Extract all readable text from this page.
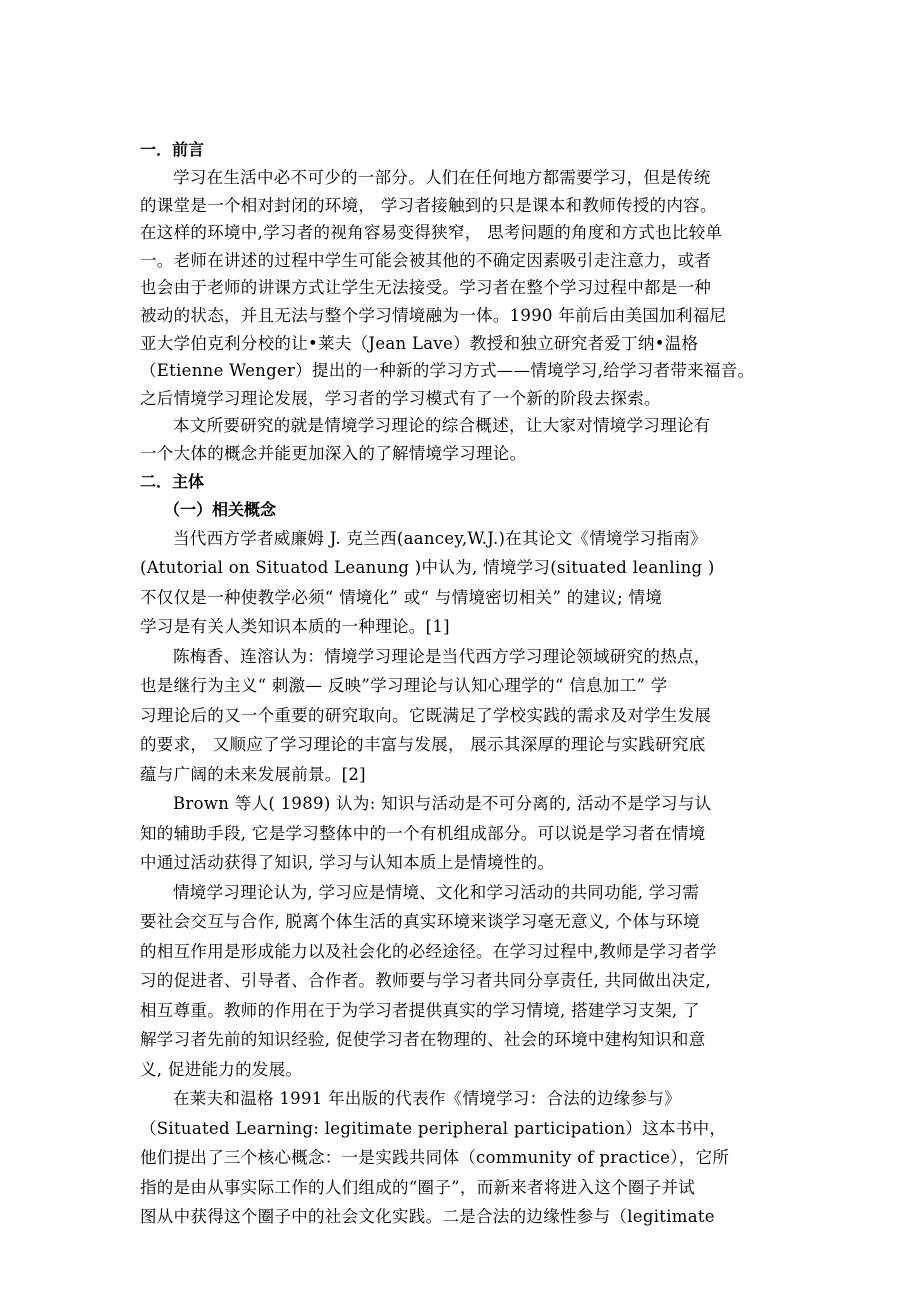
一．前言
学习在生活中必不可少的一部分。人们在任何地方都需要学习，但是传统
的课堂是一个相对封闭的环境， 学习者接触到的只是课本和教师传授的内容。
在这样的环境中,学习者的视角容易变得狭窄， 思考问题的角度和方式也比较单
一。老师在讲述的过程中学生可能会被其他的不确定因素吸引走注意力，或者
也会由于老师的讲课方式让学生无法接受。学习者在整个学习过程中都是一种
被动的状态，并且无法与整个学习情境融为一体。1990 年前后由美国加利福尼
亚大学伯克利分校的让•莱夫（Jean Lave）教授和独立研究者爱丁纳•温格
（Etienne Wenger）提出的一种新的学习方式——情境学习,给学习者带来福音。
之后情境学习理论发展，学习者的学习模式有了一个新的阶段去探索。
本文所要研究的就是情境学习理论的综合概述，让大家对情境学习理论有
一个大体的概念并能更加深入的了解情境学习理论。
二．主体
（一）相关概念
当代西方学者威廉姆 J. 克兰西(aancey,W.J.)在其论文《情境学习指南》
(Atutorial on Situatod Leanung )中认为, 情境学习(situated leanling )
不仅仅是一种使教学必须“ 情境化” 或“ 与情境密切相关” 的建议; 情境
学习是有关人类知识本质的一种理论。[1]
陈梅香、连溶认为：情境学习理论是当代西方学习理论领域研究的热点，
也是继行为主义“ 刺激— 反映”学习理论与认知心理学的“ 信息加工” 学
习理论后的又一个重要的研究取向。它既满足了学校实践的需求及对学生发展
的要求， 又顺应了学习理论的丰富与发展， 展示其深厚的理论与实践研究底
蕴与广阔的未来发展前景。[2]
Brown 等人( 1989) 认为: 知识与活动是不可分离的, 活动不是学习与认
知的辅助手段, 它是学习整体中的一个有机组成部分。可以说是学习者在情境
中通过活动获得了知识, 学习与认知本质上是情境性的。
情境学习理论认为, 学习应是情境、文化和学习活动的共同功能, 学习需
要社会交互与合作, 脱离个体生活的真实环境来谈学习毫无意义, 个体与环境
的相互作用是形成能力以及社会化的必经途径。在学习过程中,教师是学习者学
习的促进者、引导者、合作者。教师要与学习者共同分享责任, 共同做出决定,
相互尊重。教师的作用在于为学习者提供真实的学习情境, 搭建学习支架, 了
解学习者先前的知识经验, 促使学习者在物理的、社会的环境中建构知识和意
义, 促进能力的发展。
在莱夫和温格 1991 年出版的代表作《情境学习：合法的边缘参与》
（Situated Learning: legitimate peripheral participation）这本书中，
他们提出了三个核心概念：一是实践共同体（community of practice），它所
指的是由从事实际工作的人们组成的“圈子”，而新来者将进入这个圈子并试
图从中获得这个圈子中的社会文化实践。二是合法的边缘性参与（legitimate
